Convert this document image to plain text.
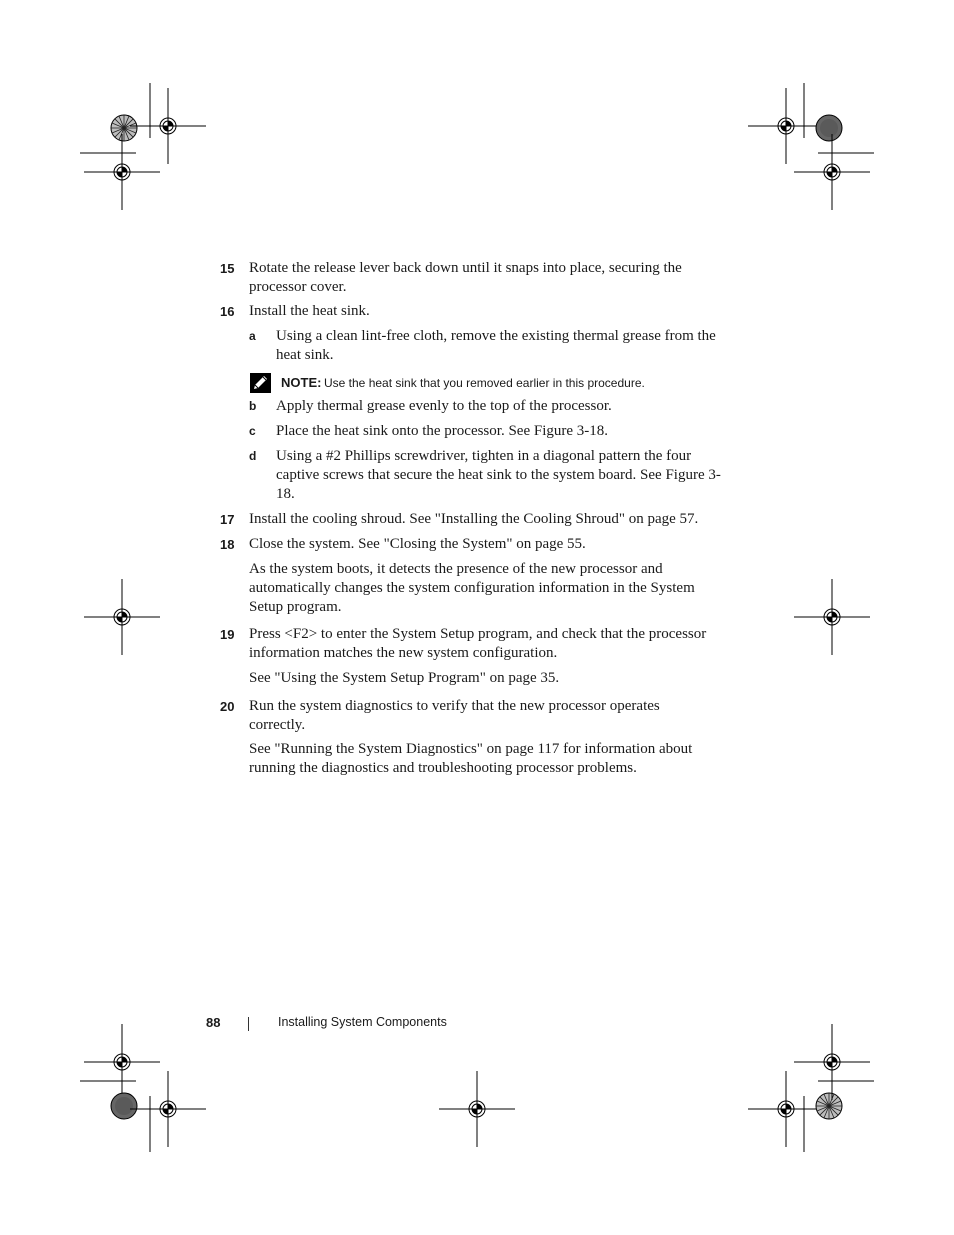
15 Rotate the release lever back down until it snaps into place, securing the processor cover.
16 Install the heat sink.
a Using a clean lint-free cloth, remove the existing thermal grease from the heat sink.
NOTE: Use the heat sink that you removed earlier in this procedure.
b Apply thermal grease evenly to the top of the processor.
c Place the heat sink onto the processor. See Figure 3-18.
d Using a #2 Phillips screwdriver, tighten in a diagonal pattern the four captive screws that secure the heat sink to the system board. See Figure 3-18.
17 Install the cooling shroud. See "Installing the Cooling Shroud" on page 57.
18 Close the system. See "Closing the System" on page 55.
As the system boots, it detects the presence of the new processor and automatically changes the system configuration information in the System Setup program.
19 Press <F2> to enter the System Setup program, and check that the processor information matches the new system configuration.
See "Using the System Setup Program" on page 35.
20 Run the system diagnostics to verify that the new processor operates correctly.
See "Running the System Diagnostics" on page 117 for information about running the diagnostics and troubleshooting processor problems.
88	Installing System Components
